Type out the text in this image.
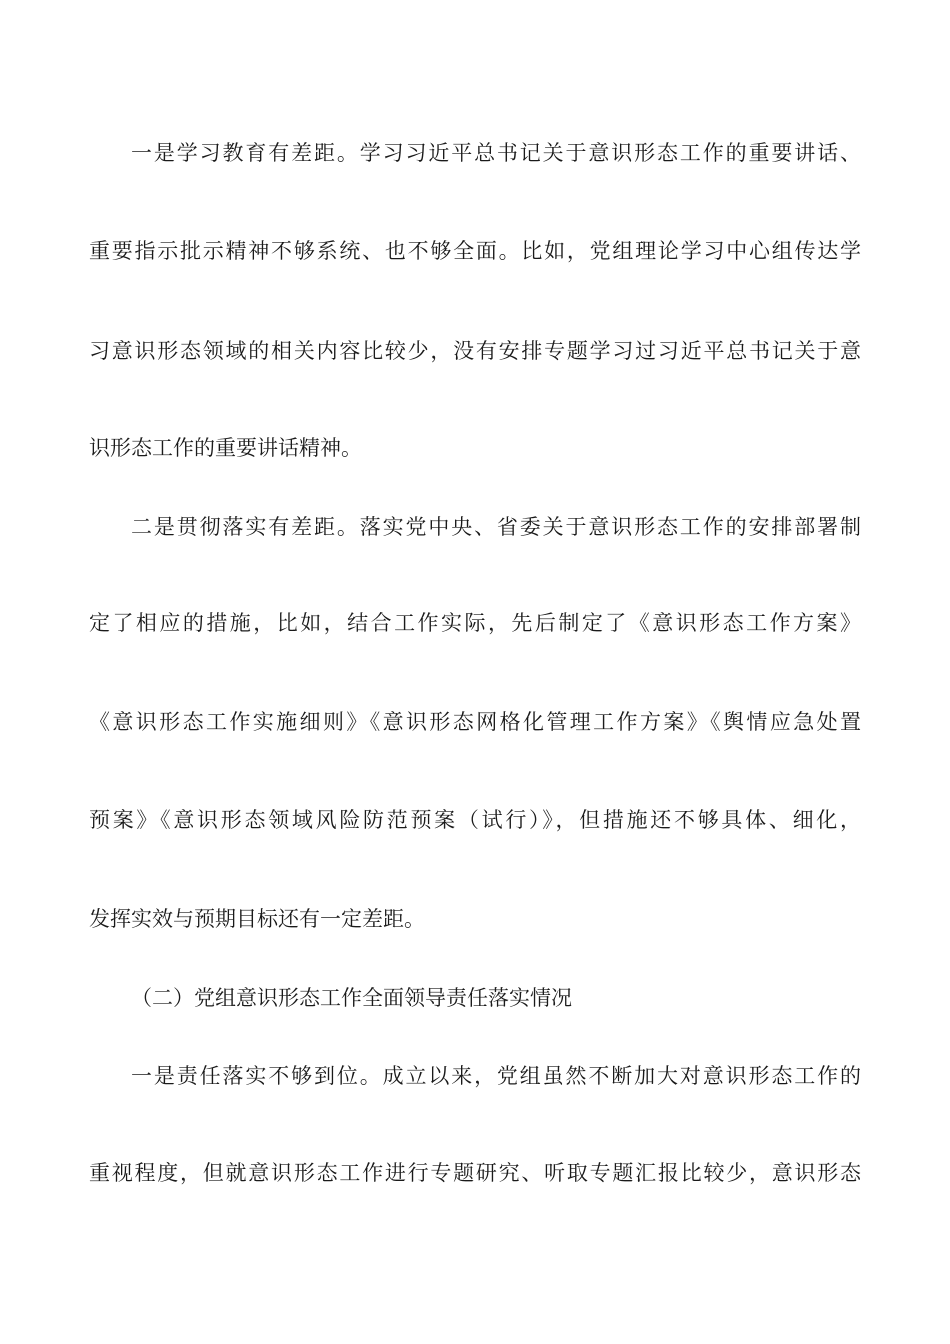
一是学习教育有差距。学习习近平总书记关于意识形态工作的重要讲话、
重要指示批示精神不够系统、也不够全面。比如，党组理论学习中心组传达学
习意识形态领域的相关内容比较少，没有安排专题学习过习近平总书记关于意
识形态工作的重要讲话精神。
二是贯彻落实有差距。落实党中央、省委关于意识形态工作的安排部署制
定了相应的措施，比如，结合工作实际，先后制定了《意识形态工作方案》
《意识形态工作实施细则》《意识形态网格化管理工作方案》《舆情应急处置
预案》《意识形态领域风险防范预案（试行）》，但措施还不够具体、细化，
发挥实效与预期目标还有一定差距。
（二）党组意识形态工作全面领导责任落实情况
一是责任落实不够到位。成立以来，党组虽然不断加大对意识形态工作的
重视程度，但就意识形态工作进行专题研究、听取专题汇报比较少，意识形态
